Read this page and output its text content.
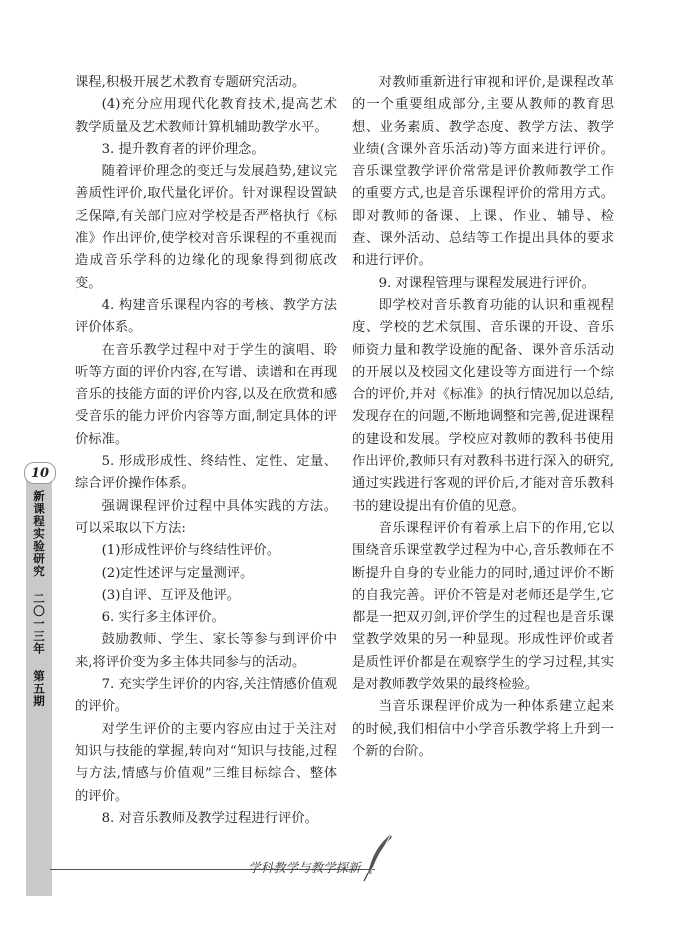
10
新课程实验研究 二〇一三年 第五期

课程,积极开展艺术教育专题研究活动。

(4)充分应用现代化教育技术,提高艺术教学质量及艺术教师计算机辅助教学水平。

3. 提升教育者的评价理念。

随着评价理念的变迁与发展趋势,建议完善质性评价,取代量化评价。针对课程设置缺乏保障,有关部门应对学校是否严格执行《标准》作出评价,使学校对音乐课程的不重视而造成音乐学科的边缘化的现象得到彻底改变。

4. 构建音乐课程内容的考核、教学方法评价体系。

在音乐教学过程中对于学生的演唱、聆听等方面的评价内容,在写谱、读谱和在再现音乐的技能方面的评价内容,以及在欣赏和感受音乐的能力评价内容等方面,制定具体的评价标准。

5. 形成形成性、终结性、定性、定量、综合评价操作体系。

强调课程评价过程中具体实践的方法。可以采取以下方法:

(1)形成性评价与终结性评价。

(2)定性述评与定量测评。

(3)自评、互评及他评。

6. 实行多主体评价。

鼓励教师、学生、家长等参与到评价中来,将评价变为多主体共同参与的活动。

7. 充实学生评价的内容,关注情感价值观的评价。

对学生评价的主要内容应由过于关注对知识与技能的掌握,转向对“知识与技能,过程与方法,情感与价值观”三维目标综合、整体的评价。

8. 对音乐教师及教学过程进行评价。

对教师重新进行审视和评价,是课程改革的一个重要组成部分,主要从教师的教育思想、业务素质、教学态度、教学方法、教学业绩(含课外音乐活动)等方面来进行评价。音乐课堂教学评价常常是评价教师教学工作的重要方式,也是音乐课程评价的常用方式。即对教师的备课、上课、作业、辅导、检查、课外活动、总结等工作提出具体的要求和进行评价。

9. 对课程管理与课程发展进行评价。

即学校对音乐教育功能的认识和重视程度、学校的艺术氛围、音乐课的开设、音乐师资力量和教学设施的配备、课外音乐活动的开展以及校园文化建设等方面进行一个综合的评价,并对《标准》的执行情况加以总结,发现存在的问题,不断地调整和完善,促进课程的建设和发展。学校应对教师的教科书使用作出评价,教师只有对教科书进行深入的研究,通过实践进行客观的评价后,才能对音乐教科书的建设提出有价值的见意。

音乐课程评价有着承上启下的作用,它以围绕音乐课堂教学过程为中心,音乐教师在不断提升自身的专业能力的同时,通过评价不断的自我完善。评价不管是对老师还是学生,它都是一把双刃剑,评价学生的过程也是音乐课堂教学效果的另一种显现。形成性评价或者是质性评价都是在观察学生的学习过程,其实是对教师教学效果的最终检验。

当音乐课程评价成为一种体系建立起来的时候,我们相信中小学音乐教学将上升到一个新的台阶。

学科教学与教学探新
